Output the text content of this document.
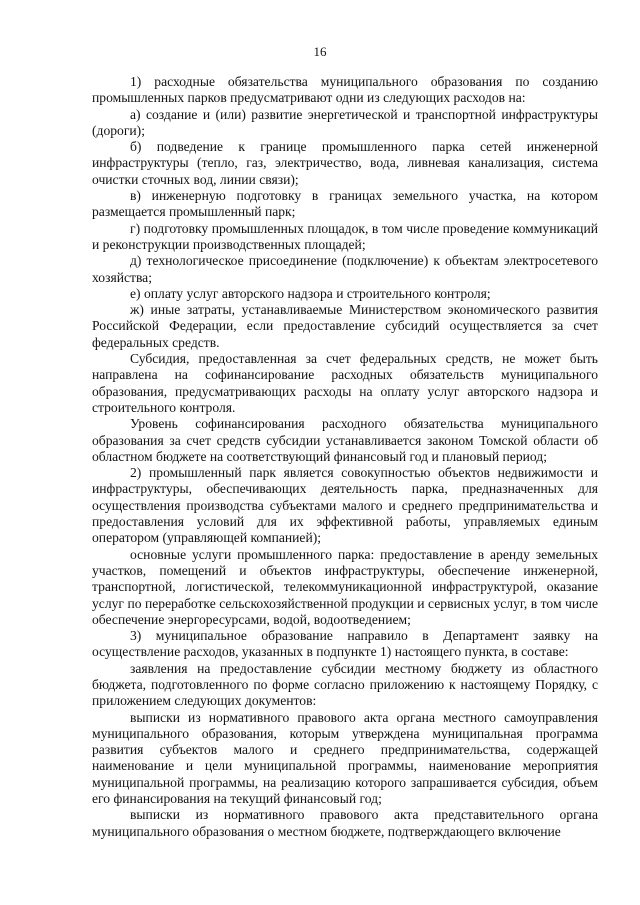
16

1) расходные обязательства муниципального образования по созданию промышленных парков предусматривают одни из следующих расходов на:

а) создание и (или) развитие энергетической и транспортной инфраструктуры (дороги);

б) подведение к границе промышленного парка сетей инженерной инфраструктуры (тепло, газ, электричество, вода, ливневая канализация, система очистки сточных вод, линии связи);

в) инженерную подготовку в границах земельного участка, на котором размещается промышленный парк;

г) подготовку промышленных площадок, в том числе проведение коммуникаций и реконструкции производственных площадей;

д) технологическое присоединение (подключение) к объектам электросетевого хозяйства;

е) оплату услуг авторского надзора и строительного контроля;

ж) иные затраты, устанавливаемые Министерством экономического развития Российской Федерации, если предоставление субсидий осуществляется за счет федеральных средств.

Субсидия, предоставленная за счет федеральных средств, не может быть направлена на софинансирование расходных обязательств муниципального образования, предусматривающих расходы на оплату услуг авторского надзора и строительного контроля.

Уровень софинансирования расходного обязательства муниципального образования за счет средств субсидии устанавливается законом Томской области об областном бюджете на соответствующий финансовый год и плановый период;

2) промышленный парк является совокупностью объектов недвижимости и инфраструктуры, обеспечивающих деятельность парка, предназначенных для осуществления производства субъектами малого и среднего предпринимательства и предоставления условий для их эффективной работы, управляемых единым оператором (управляющей компанией);

основные услуги промышленного парка: предоставление в аренду земельных участков, помещений и объектов инфраструктуры, обеспечение инженерной, транспортной, логистической, телекоммуникационной инфраструктурой, оказание услуг по переработке сельскохозяйственной продукции и сервисных услуг, в том числе обеспечение энергоресурсами, водой, водоотведением;

3) муниципальное образование направило в Департамент заявку на осуществление расходов, указанных в подпункте 1) настоящего пункта, в составе:

заявления на предоставление субсидии местному бюджету из областного бюджета, подготовленного по форме согласно приложению к настоящему Порядку, с приложением следующих документов:

выписки из нормативного правового акта органа местного самоуправления муниципального образования, которым утверждена муниципальная программа развития субъектов малого и среднего предпринимательства, содержащей наименование и цели муниципальной программы, наименование мероприятия муниципальной программы, на реализацию которого запрашивается субсидия, объем его финансирования на текущий финансовый год;

выписки из нормативного правового акта представительного органа муниципального образования о местном бюджете, подтверждающего включение
